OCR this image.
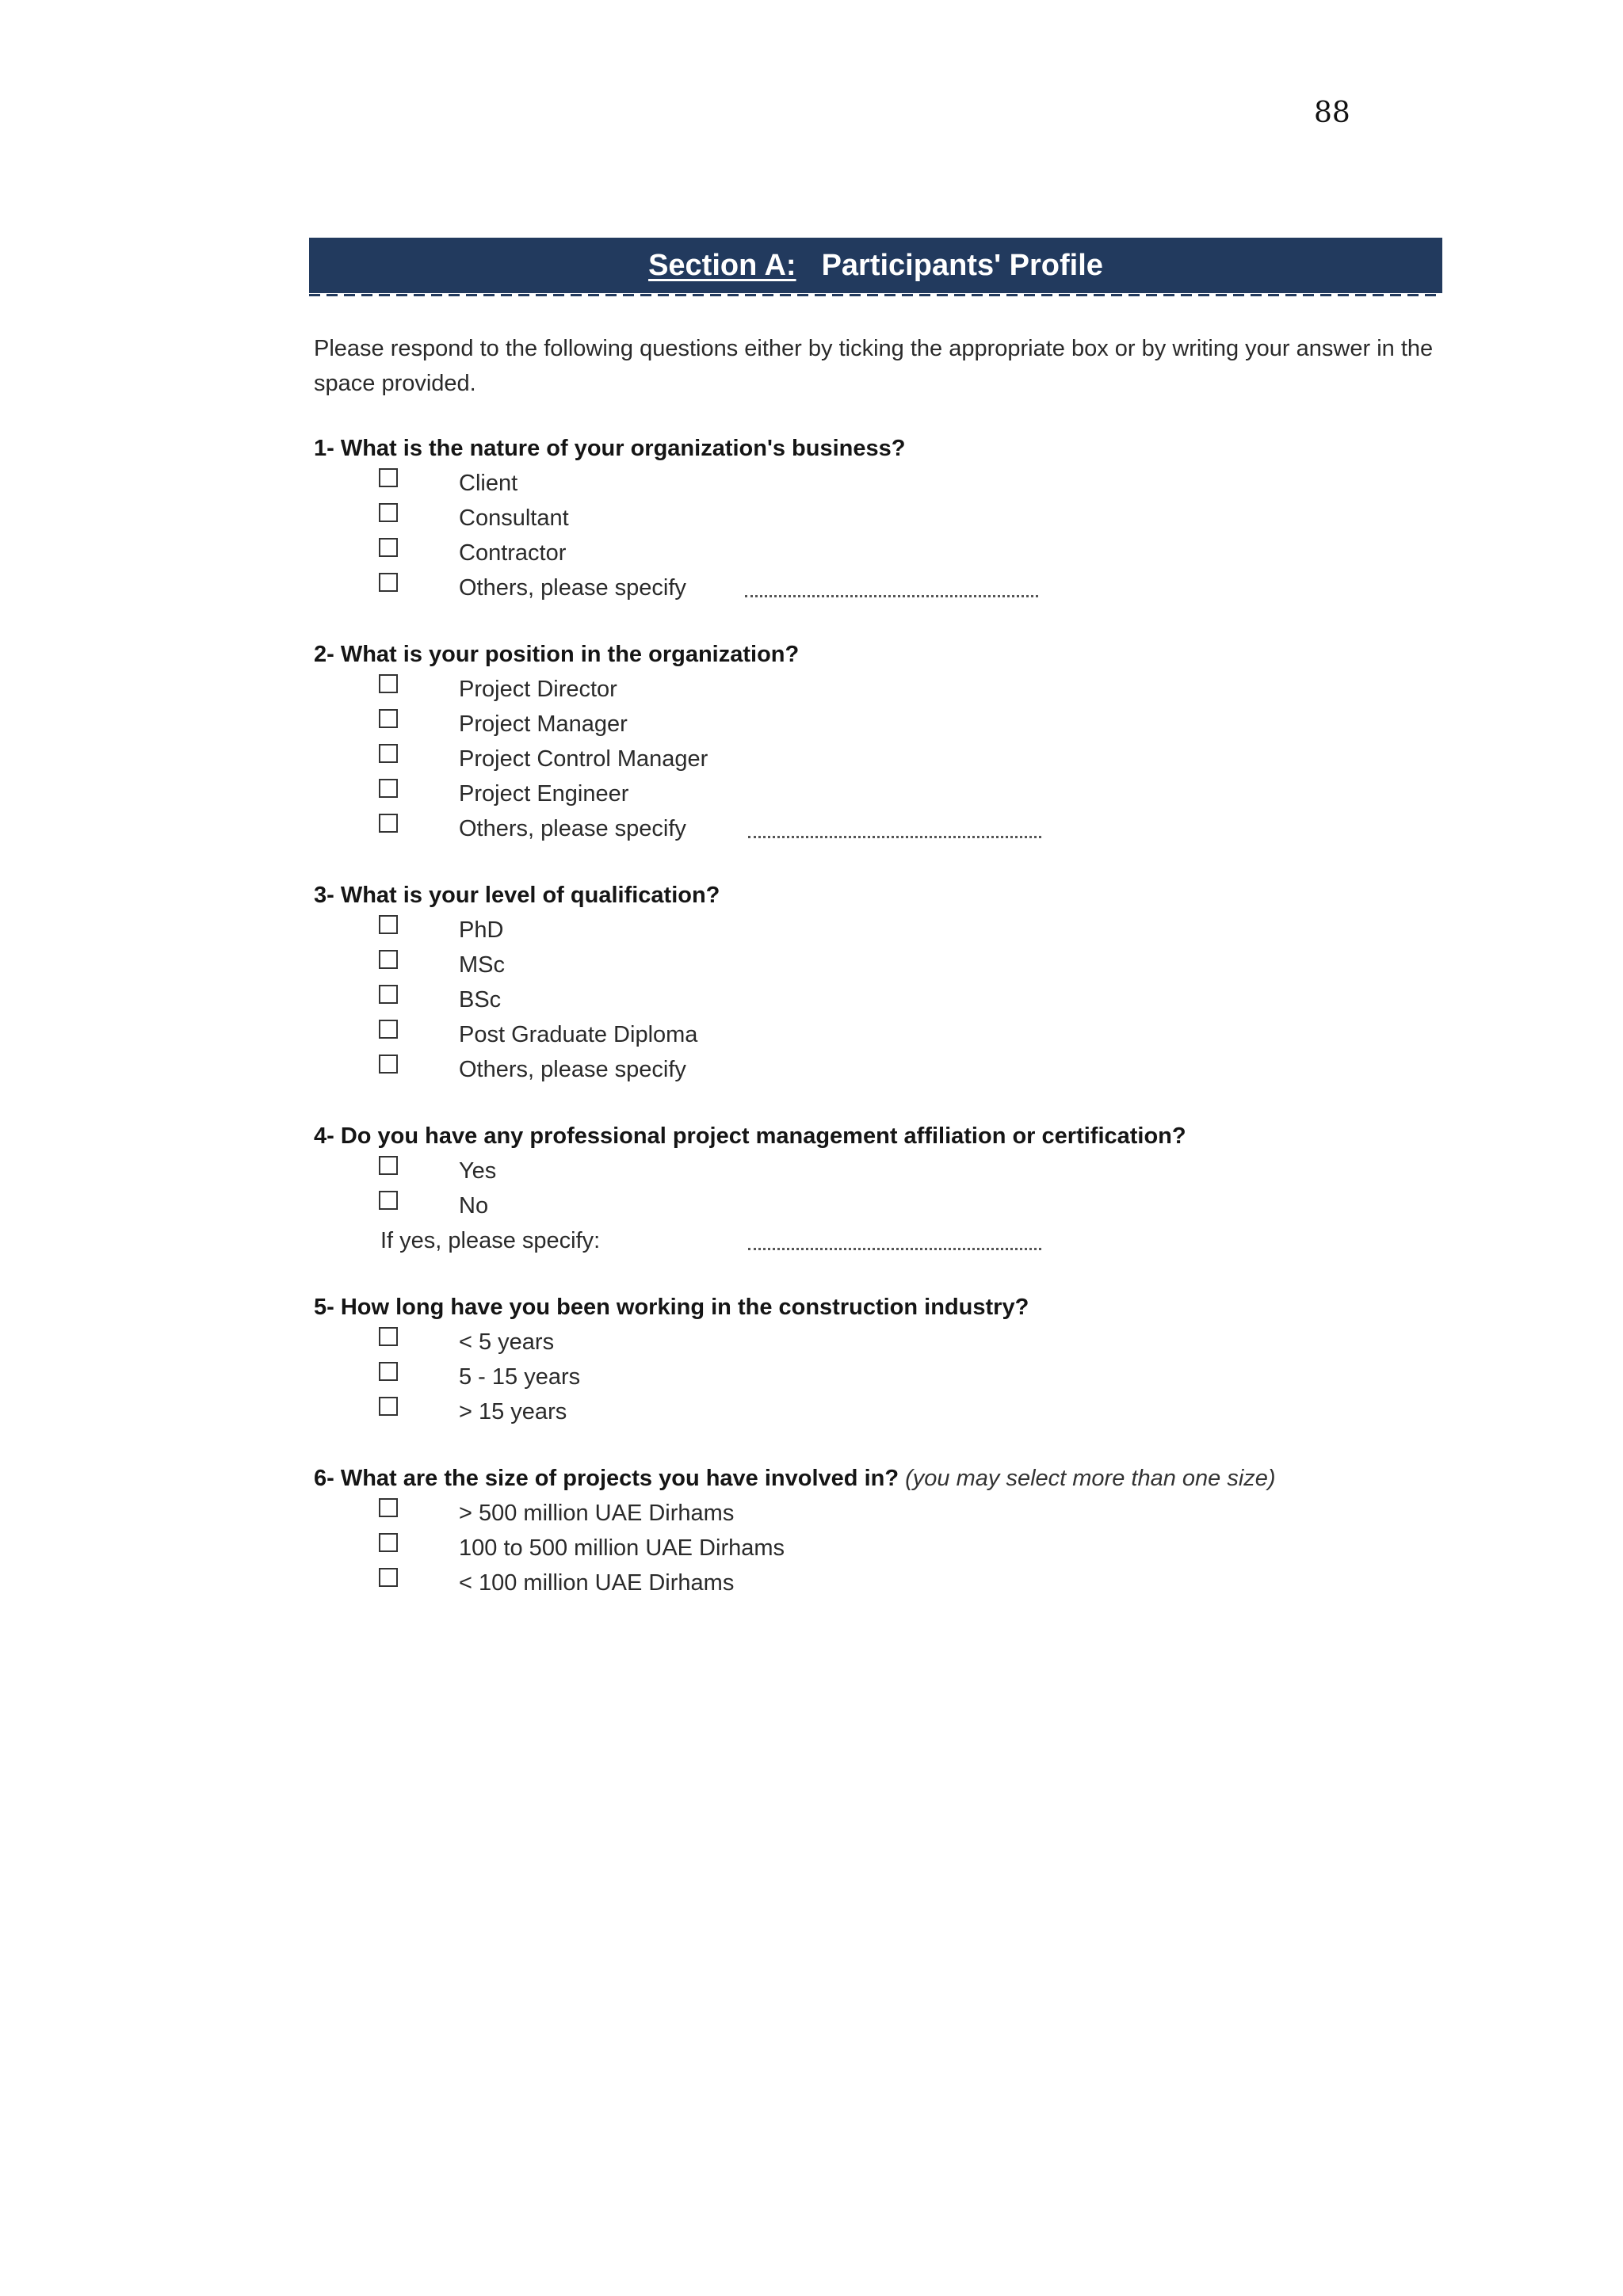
88
Section A: Participants' Profile
Please respond to the following questions either by ticking the appropriate box or by writing your answer in the space provided.
1- What is the nature of your organization's business?
Client
Consultant
Contractor
Others, please specify
2- What is your position in the organization?
Project Director
Project Manager
Project Control Manager
Project Engineer
Others, please specify
3- What is your level of qualification?
PhD
MSc
BSc
Post Graduate Diploma
Others, please specify
4- Do you have any professional project management affiliation or certification?
Yes
No
If yes, please specify:
5- How long have you been working in the construction industry?
< 5 years
5 - 15 years
> 15 years
6- What are the size of projects you have involved in? (you may select more than one size)
> 500 million UAE Dirhams
100 to 500 million UAE Dirhams
< 100 million UAE Dirhams
